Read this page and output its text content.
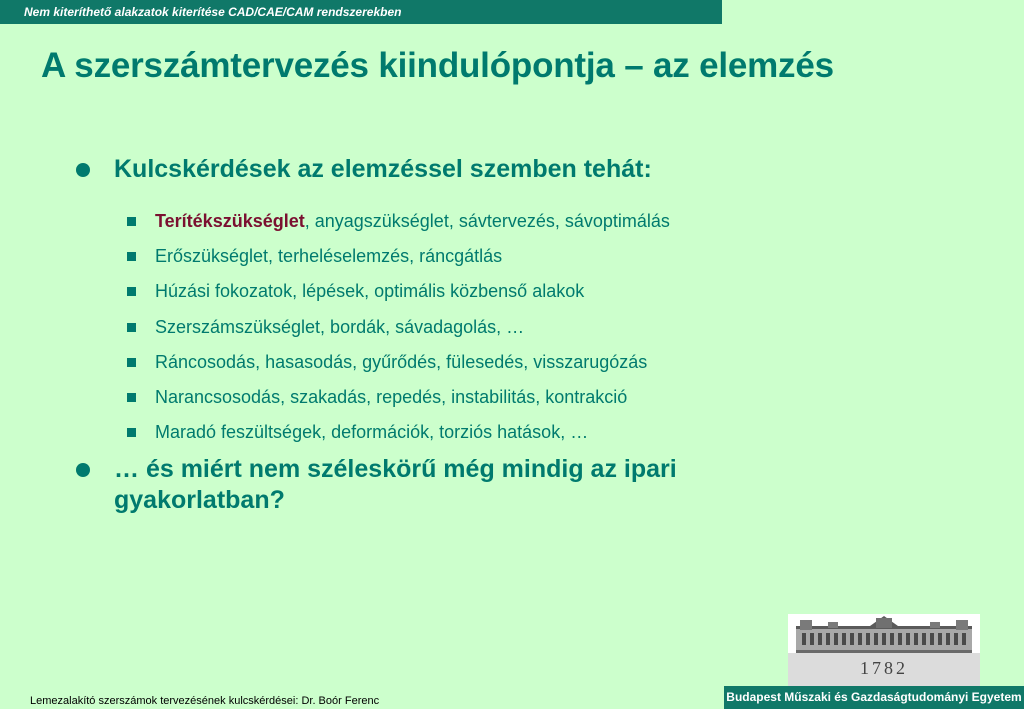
Nem kiteríthető alakzatok kiterítése CAD/CAE/CAM rendszerekben
A szerszámtervezés kiindulópontja – az elemzés
Kulcskérdések az elemzéssel szemben tehát:
Terítékszükséglet, anyagszükséglet, sávtervezés, sávoptimálás
Erőszükséglet, terheléselemzés, ráncgátlás
Húzási fokozatok, lépések, optimális közbenső alakok
Szerszámszükséglet, bordák, sávadagolás, …
Ráncosodás, hasasodás, gyűrődés, fülesedés, visszarugózás
Narancsosodás, szakadás, repedés, instabilitás, kontrakció
Maradó feszültségek, deformációk, torziós hatások, …
… és miért nem széleskörű még mindig az ipari gyakorlatban?
1782
Lemezalakító szerszámok tervezésének kulcskérdései: Dr. Boór Ferenc	Budapest Műszaki és Gazdaságtudományi Egyetem
